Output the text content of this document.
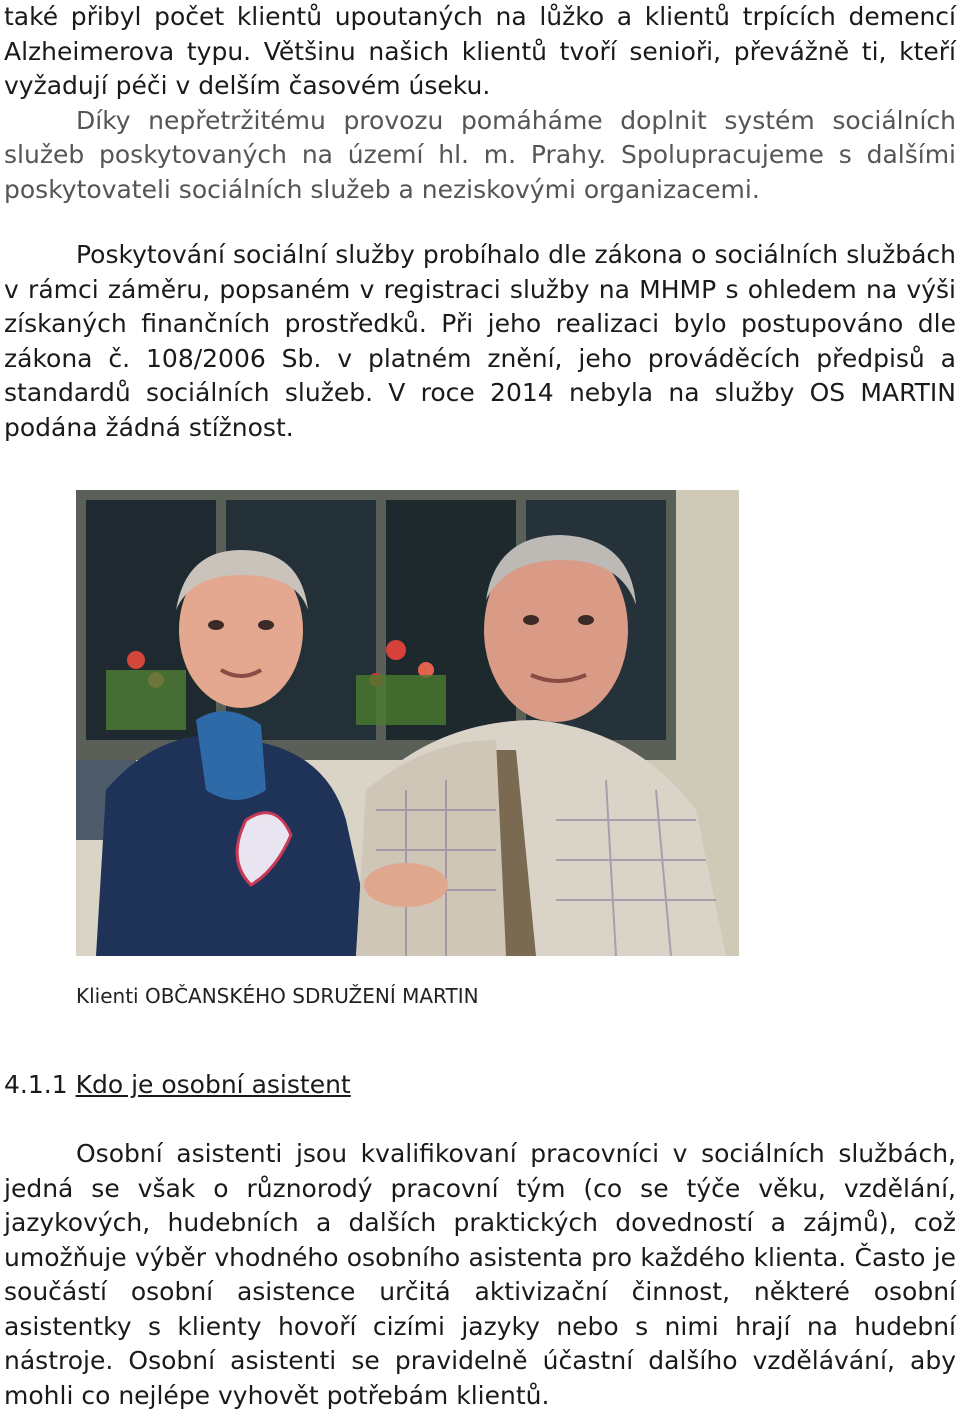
také přibyl počet klientů upoutaných na lůžko a klientů trpících demencí Alzheimerova typu. Většinu našich klientů tvoří senioři, převážně ti, kteří vyžadují péči v delším časovém úseku.
Díky nepřetržitému provozu pomáháme doplnit systém sociálních služeb poskytovaných na území hl. m. Prahy. Spolupracujeme s dalšími poskytovateli sociálních služeb a neziskovými organizacemi.

Poskytování sociální služby probíhalo dle zákona o sociálních službách v rámci záměru, popsaném v registraci služby na MHMP s ohledem na výši získaných finančních prostředků. Při jeho realizaci bylo postupováno dle zákona č. 108/2006 Sb. v platném znění, jeho prováděcích předpisů a standardů sociálních služeb. V roce 2014 nebyla na služby OS MARTIN podána žádná stížnost.

Klienti OBČANSKÉHO SDRUŽENÍ MARTIN
4.1.1 Kdo je osobní asistent

Osobní asistenti jsou kvalifikovaní pracovníci v sociálních službách, jedná se však o různorodý pracovní tým (co se týče věku, vzdělání, jazykových, hudebních a dalších praktických dovedností a zájmů), což umožňuje výběr vhodného osobního asistenta pro každého klienta. Často je součástí osobní asistence určitá aktivizační činnost, některé osobní asistentky s klienty hovoří cizími jazyky nebo s nimi hrají na hudební nástroje. Osobní asistenti se pravidelně účastní dalšího vzdělávání, aby mohli co nejlépe vyhovět potřebám klientů.
